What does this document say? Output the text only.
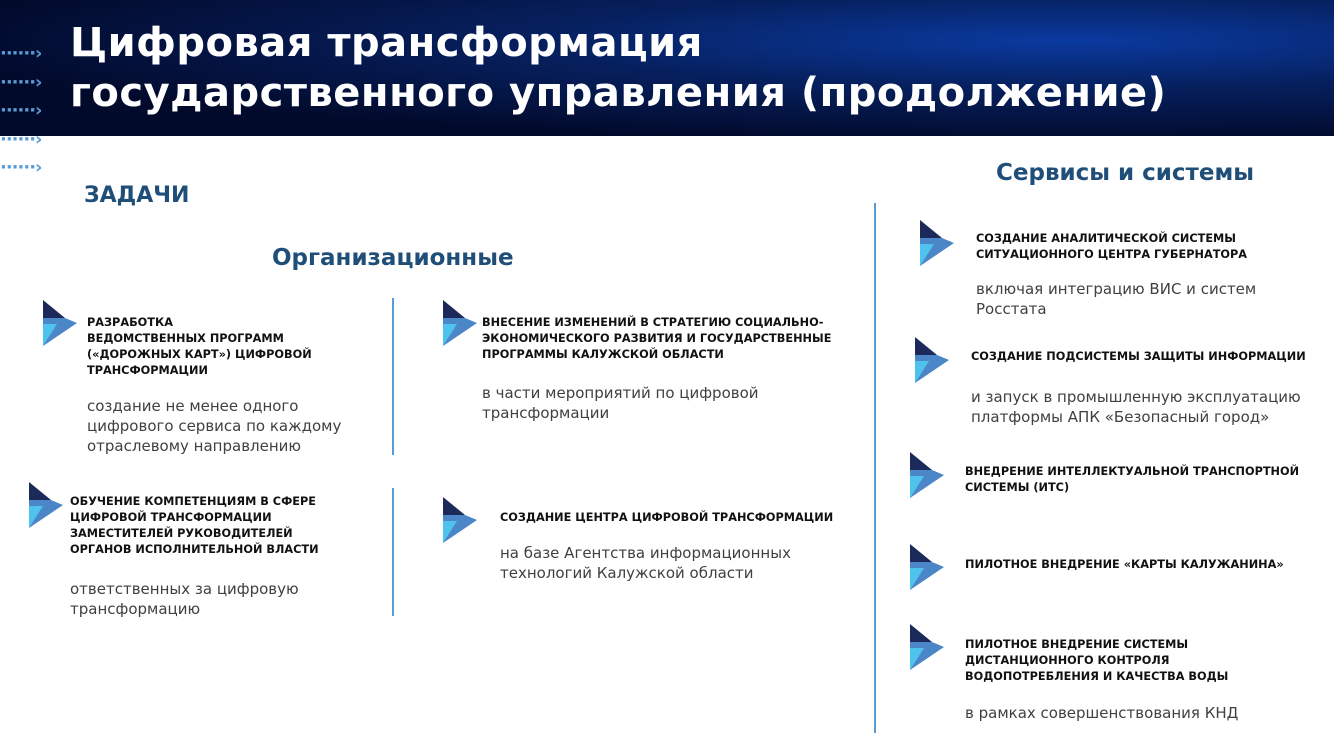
Цифровая трансформация
государственного управления (продолжение)
······›
······›
······›
······›
······›
ЗАДАЧИ
Организационные
Сервисы и системы
РАЗРАБОТКА
ВЕДОМСТВЕННЫХ ПРОГРАММ
(«ДОРОЖНЫХ КАРТ») ЦИФРОВОЙ
ТРАНСФОРМАЦИИ
создание не менее одного
цифрового сервиса по каждому
отраслевому направлению
ОБУЧЕНИЕ КОМПЕТЕНЦИЯМ В СФЕРЕ
ЦИФРОВОЙ ТРАНСФОРМАЦИИ
ЗАМЕСТИТЕЛЕЙ РУКОВОДИТЕЛЕЙ
ОРГАНОВ ИСПОЛНИТЕЛЬНОЙ ВЛАСТИ
ответственных за цифровую
трансформацию
ВНЕСЕНИЕ ИЗМЕНЕНИЙ В СТРАТЕГИЮ СОЦИАЛЬНО-
ЭКОНОМИЧЕСКОГО РАЗВИТИЯ И ГОСУДАРСТВЕННЫЕ
ПРОГРАММЫ КАЛУЖСКОЙ ОБЛАСТИ
в части мероприятий по цифровой
трансформации
СОЗДАНИЕ ЦЕНТРА ЦИФРОВОЙ ТРАНСФОРМАЦИИ
на базе Агентства информационных
технологий Калужской области
СОЗДАНИЕ АНАЛИТИЧЕСКОЙ СИСТЕМЫ
СИТУАЦИОННОГО ЦЕНТРА ГУБЕРНАТОРА
включая интеграцию ВИС и систем
Росстата
СОЗДАНИЕ ПОДСИСТЕМЫ ЗАЩИТЫ ИНФОРМАЦИИ
и запуск в промышленную эксплуатацию
платформы АПК «Безопасный город»
ВНЕДРЕНИЕ ИНТЕЛЛЕКТУАЛЬНОЙ ТРАНСПОРТНОЙ
СИСТЕМЫ (ИТС)
ПИЛОТНОЕ ВНЕДРЕНИЕ «КАРТЫ КАЛУЖАНИНА»
ПИЛОТНОЕ ВНЕДРЕНИЕ СИСТЕМЫ
ДИСТАНЦИОННОГО КОНТРОЛЯ
ВОДОПОТРЕБЛЕНИЯ И КАЧЕСТВА ВОДЫ
в рамках совершенствования КНД
